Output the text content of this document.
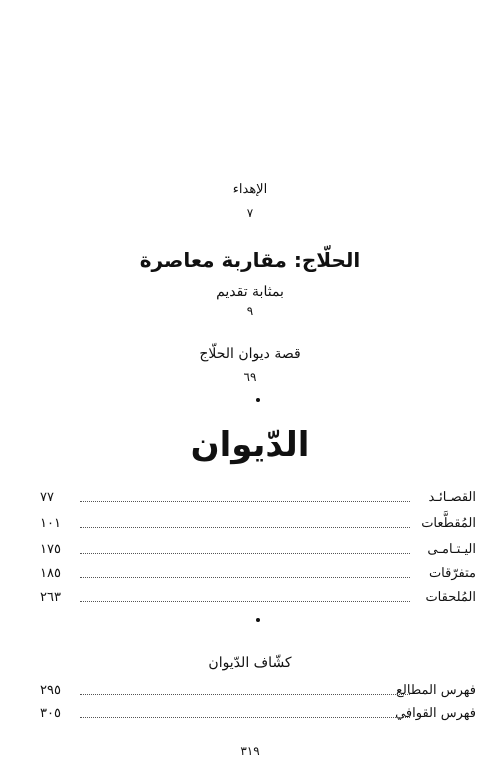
الإهداء
٧
الحلّاج: مقاربة معاصرة
بمثابة تقديم
٩
قصة ديوان الحلّاج
٦٩
الدّيوان
القصـائـد
٧٧
المُقطَّعات
١٠١
اليـتـامـى
١٧٥
متفرّقات
١٨٥
المُلحقات
٢٦٣
كشّاف الدّيوان
فهرس المطالع
٢٩٥
فهرس القوافي
٣٠٥
٣١٩
